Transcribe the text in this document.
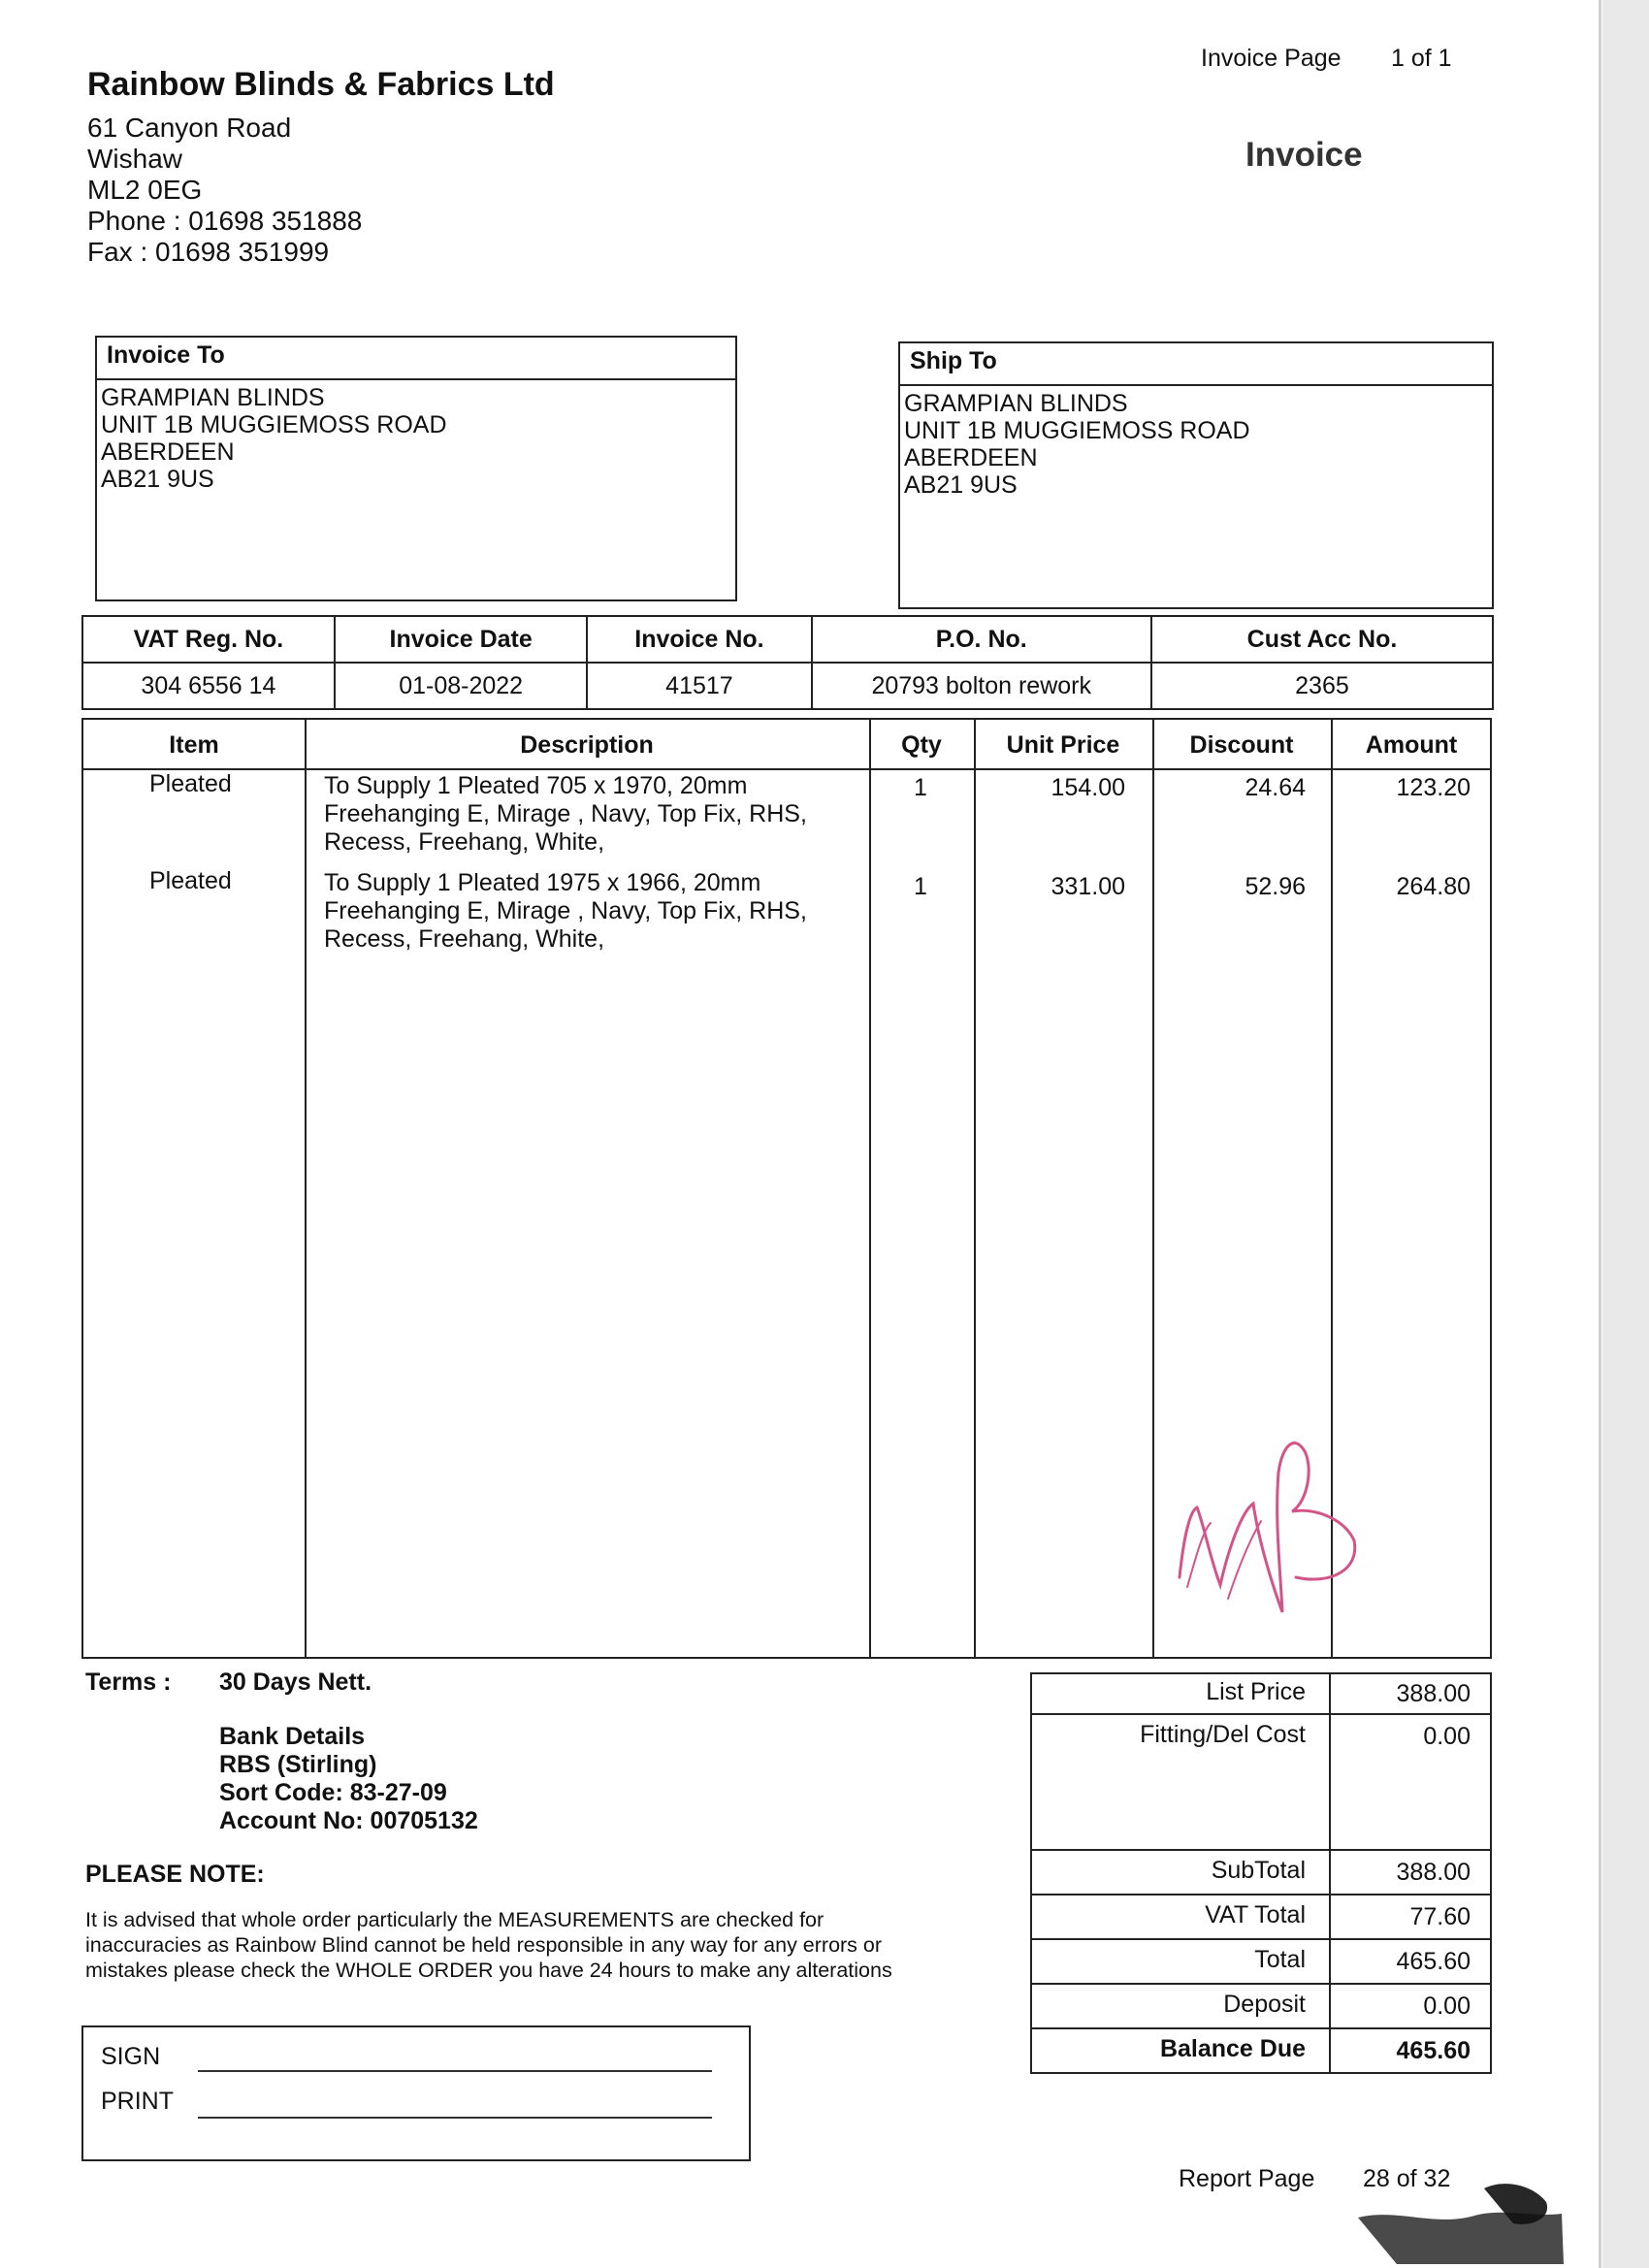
Invoice Page 1 of 1
Invoice
Rainbow Blinds & Fabrics Ltd
61 Canyon Road
Wishaw
ML2 0EG
Phone : 01698 351888
Fax : 01698 351999
Invoice To
GRAMPIAN BLINDS
UNIT 1B MUGGIEMOSS ROAD
ABERDEEN
AB21 9US
Ship To
GRAMPIAN BLINDS
UNIT 1B MUGGIEMOSS ROAD
ABERDEEN
AB21 9US
VAT Reg. No.	Invoice Date	Invoice No.	P.O. No.	Cust Acc No.
304 6556 14	01-08-2022	41517	20793 bolton rework	2365
Item	Description	Qty	Unit Price	Discount	Amount
Pleated	To Supply 1 Pleated 705 x 1970, 20mm
Freehanging E, Mirage , Navy, Top Fix, RHS,
Recess, Freehang, White,
1	154.00	24.64	123.20
Pleated	To Supply 1 Pleated 1975 x 1966, 20mm
Freehanging E, Mirage , Navy, Top Fix, RHS,
Recess, Freehang, White,
1	331.00	52.96	264.80
Terms : 30 Days Nett.
Bank Details
RBS (Stirling)
Sort Code: 83-27-09
Account No: 00705132
PLEASE NOTE:
It is advised that whole order particularly the MEASUREMENTS are checked for
inaccuracies as Rainbow Blind cannot be held responsible in any way for any errors or
mistakes please check the WHOLE ORDER you have 24 hours to make any alterations
SIGN
PRINT
List Price	388.00
Fitting/Del Cost	0.00
SubTotal	388.00
VAT Total	77.60
Total	465.60
Deposit	0.00
Balance Due	465.60
Report Page 28 of 32
